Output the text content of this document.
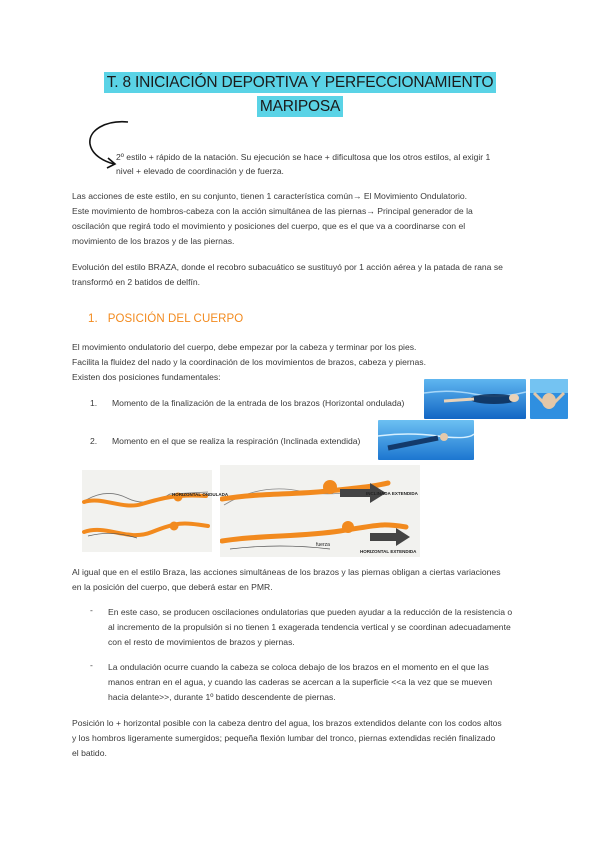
T. 8 INICIACIÓN DEPORTIVA Y PERFECCIONAMIENTO
MARIPOSA

2º estilo + rápido de la natación. Su ejecución se hace + dificultosa que los otros estilos, al exigir 1

nivel + elevado de coordinación y de fuerza.

Las acciones de este estilo, en su conjunto, tienen 1 característica común→ El Movimiento Ondulatorio.

Este movimiento de hombros-cabeza con la acción simultánea de las piernas→ Principal generador de la

oscilación que regirá todo el movimiento y posiciones del cuerpo, que es el que va a coordinarse con el

movimiento de los brazos y de las piernas.

Evolución del estilo BRAZA, donde el recobro subacuático se sustituyó por 1 acción aérea y la patada de rana se

transformó en 2 batidos de delfín.

1. POSICIÓN DEL CUERPO

El movimiento ondulatorio del cuerpo, debe empezar por la cabeza y terminar por los pies.

Facilita la fluidez del nado y la coordinación de los movimientos de brazos, cabeza y piernas.

Existen dos posiciones fundamentales:

1. Momento de la finalización de la entrada de los brazos (Horizontal ondulada)
2. Momento en el que se realiza la respiración (Inclinada extendida)
INCLINADA EXTENDIDA
fuerza
HORIZONTAL EXTENDIDA
HORIZONTAL ONDULADA

Al igual que en el estilo Braza, las acciones simultáneas de los brazos y las piernas obligan a ciertas variaciones

en la posición del cuerpo, que deberá estar en PMR.

- En este caso, se producen oscilaciones ondulatorias que pueden ayudar a la reducción de la resistencia o

al incremento de la propulsión si no tienen 1 exagerada tendencia vertical y se coordinan adecuadamente

con el resto de movimientos de brazos y piernas.

- La ondulación ocurre cuando la cabeza se coloca debajo de los brazos en el momento en el que las

manos entran en el agua, y cuando las caderas se acercan a la superficie <<a la vez que se mueven

hacia delante>>, durante 1º batido descendente de piernas.

Posición lo + horizontal posible con la cabeza dentro del agua, los brazos extendidos delante con los codos altos

y los hombros ligeramente sumergidos; pequeña flexión lumbar del tronco, piernas extendidas recién finalizado

el batido.
